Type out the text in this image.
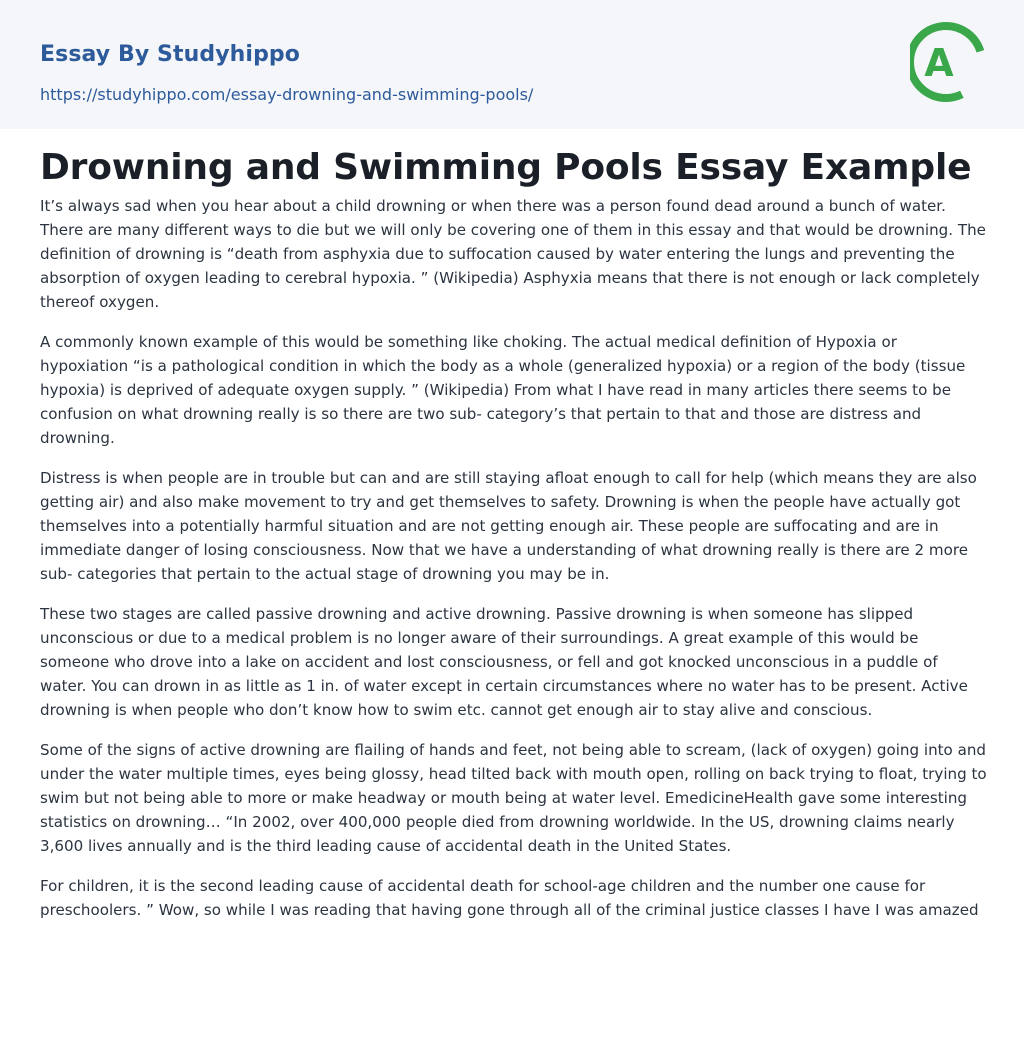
Essay By Studyhippo
https://studyhippo.com/essay-drowning-and-swimming-pools/
A
Drowning and Swimming Pools Essay Example

It’s always sad when you hear about a child drowning or when there was a person found dead around a bunch of water. There are many different ways to die but we will only be covering one of them in this essay and that would be drowning. The definition of drowning is “death from asphyxia due to suffocation caused by water entering the lungs and preventing the absorption of oxygen leading to cerebral hypoxia. ” (Wikipedia) Asphyxia means that there is not enough or lack completely thereof oxygen.

A commonly known example of this would be something like choking. The actual medical definition of Hypoxia or hypoxiation “is a pathological condition in which the body as a whole (generalized hypoxia) or a region of the body (tissue hypoxia) is deprived of adequate oxygen supply. ” (Wikipedia) From what I have read in many articles there seems to be confusion on what drowning really is so there are two sub- category’s that pertain to that and those are distress and drowning.

Distress is when people are in trouble but can and are still staying afloat enough to call for help (which means they are also getting air) and also make movement to try and get themselves to safety. Drowning is when the people have actually got themselves into a potentially harmful situation and are not getting enough air. These people are suffocating and are in immediate danger of losing consciousness. Now that we have a understanding of what drowning really is there are 2 more sub- categories that pertain to the actual stage of drowning you may be in.

These two stages are called passive drowning and active drowning. Passive drowning is when someone has slipped unconscious or due to a medical problem is no longer aware of their surroundings. A great example of this would be someone who drove into a lake on accident and lost consciousness, or fell and got knocked unconscious in a puddle of water. You can drown in as little as 1 in. of water except in certain circumstances where no water has to be present. Active drowning is when people who don’t know how to swim etc. cannot get enough air to stay alive and conscious.

Some of the signs of active drowning are flailing of hands and feet, not being able to scream, (lack of oxygen) going into and under the water multiple times, eyes being glossy, head tilted back with mouth open, rolling on back trying to float, trying to swim but not being able to more or make headway or mouth being at water level. EmedicineHealth gave some interesting statistics on drowning… “In 2002, over 400,000 people died from drowning worldwide. In the US, drowning claims nearly 3,600 lives annually and is the third leading cause of accidental death in the United States.

For children, it is the second leading cause of accidental death for school-age children and the number one cause for preschoolers. ” Wow, so while I was reading that having gone through all of the criminal justice classes I have I was amazed
